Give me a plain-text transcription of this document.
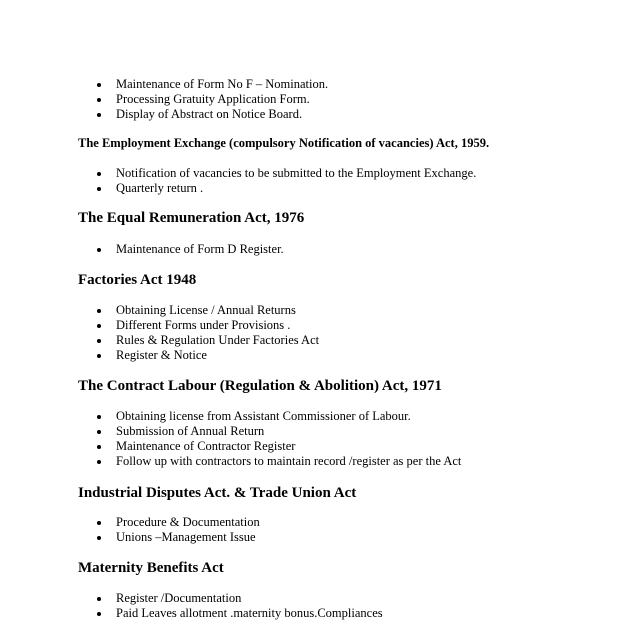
Maintenance of Form No F – Nomination.
Processing Gratuity Application Form.
Display of Abstract on Notice Board.
The Employment Exchange (compulsory Notification of vacancies) Act, 1959.
Notification of vacancies to be submitted to the Employment Exchange.
Quarterly return .
The Equal Remuneration Act, 1976
Maintenance of Form D Register.
Factories Act 1948
Obtaining License / Annual Returns
Different Forms under Provisions .
Rules & Regulation Under Factories Act
Register & Notice
The Contract Labour (Regulation & Abolition) Act, 1971
Obtaining license from Assistant Commissioner of Labour.
Submission of Annual Return
Maintenance of Contractor Register
Follow up with contractors to maintain record /register as per the Act
Industrial Disputes Act. & Trade Union Act
Procedure & Documentation
Unions –Management Issue
Maternity Benefits Act
Register /Documentation
Paid Leaves allotment .maternity bonus.Compliances
